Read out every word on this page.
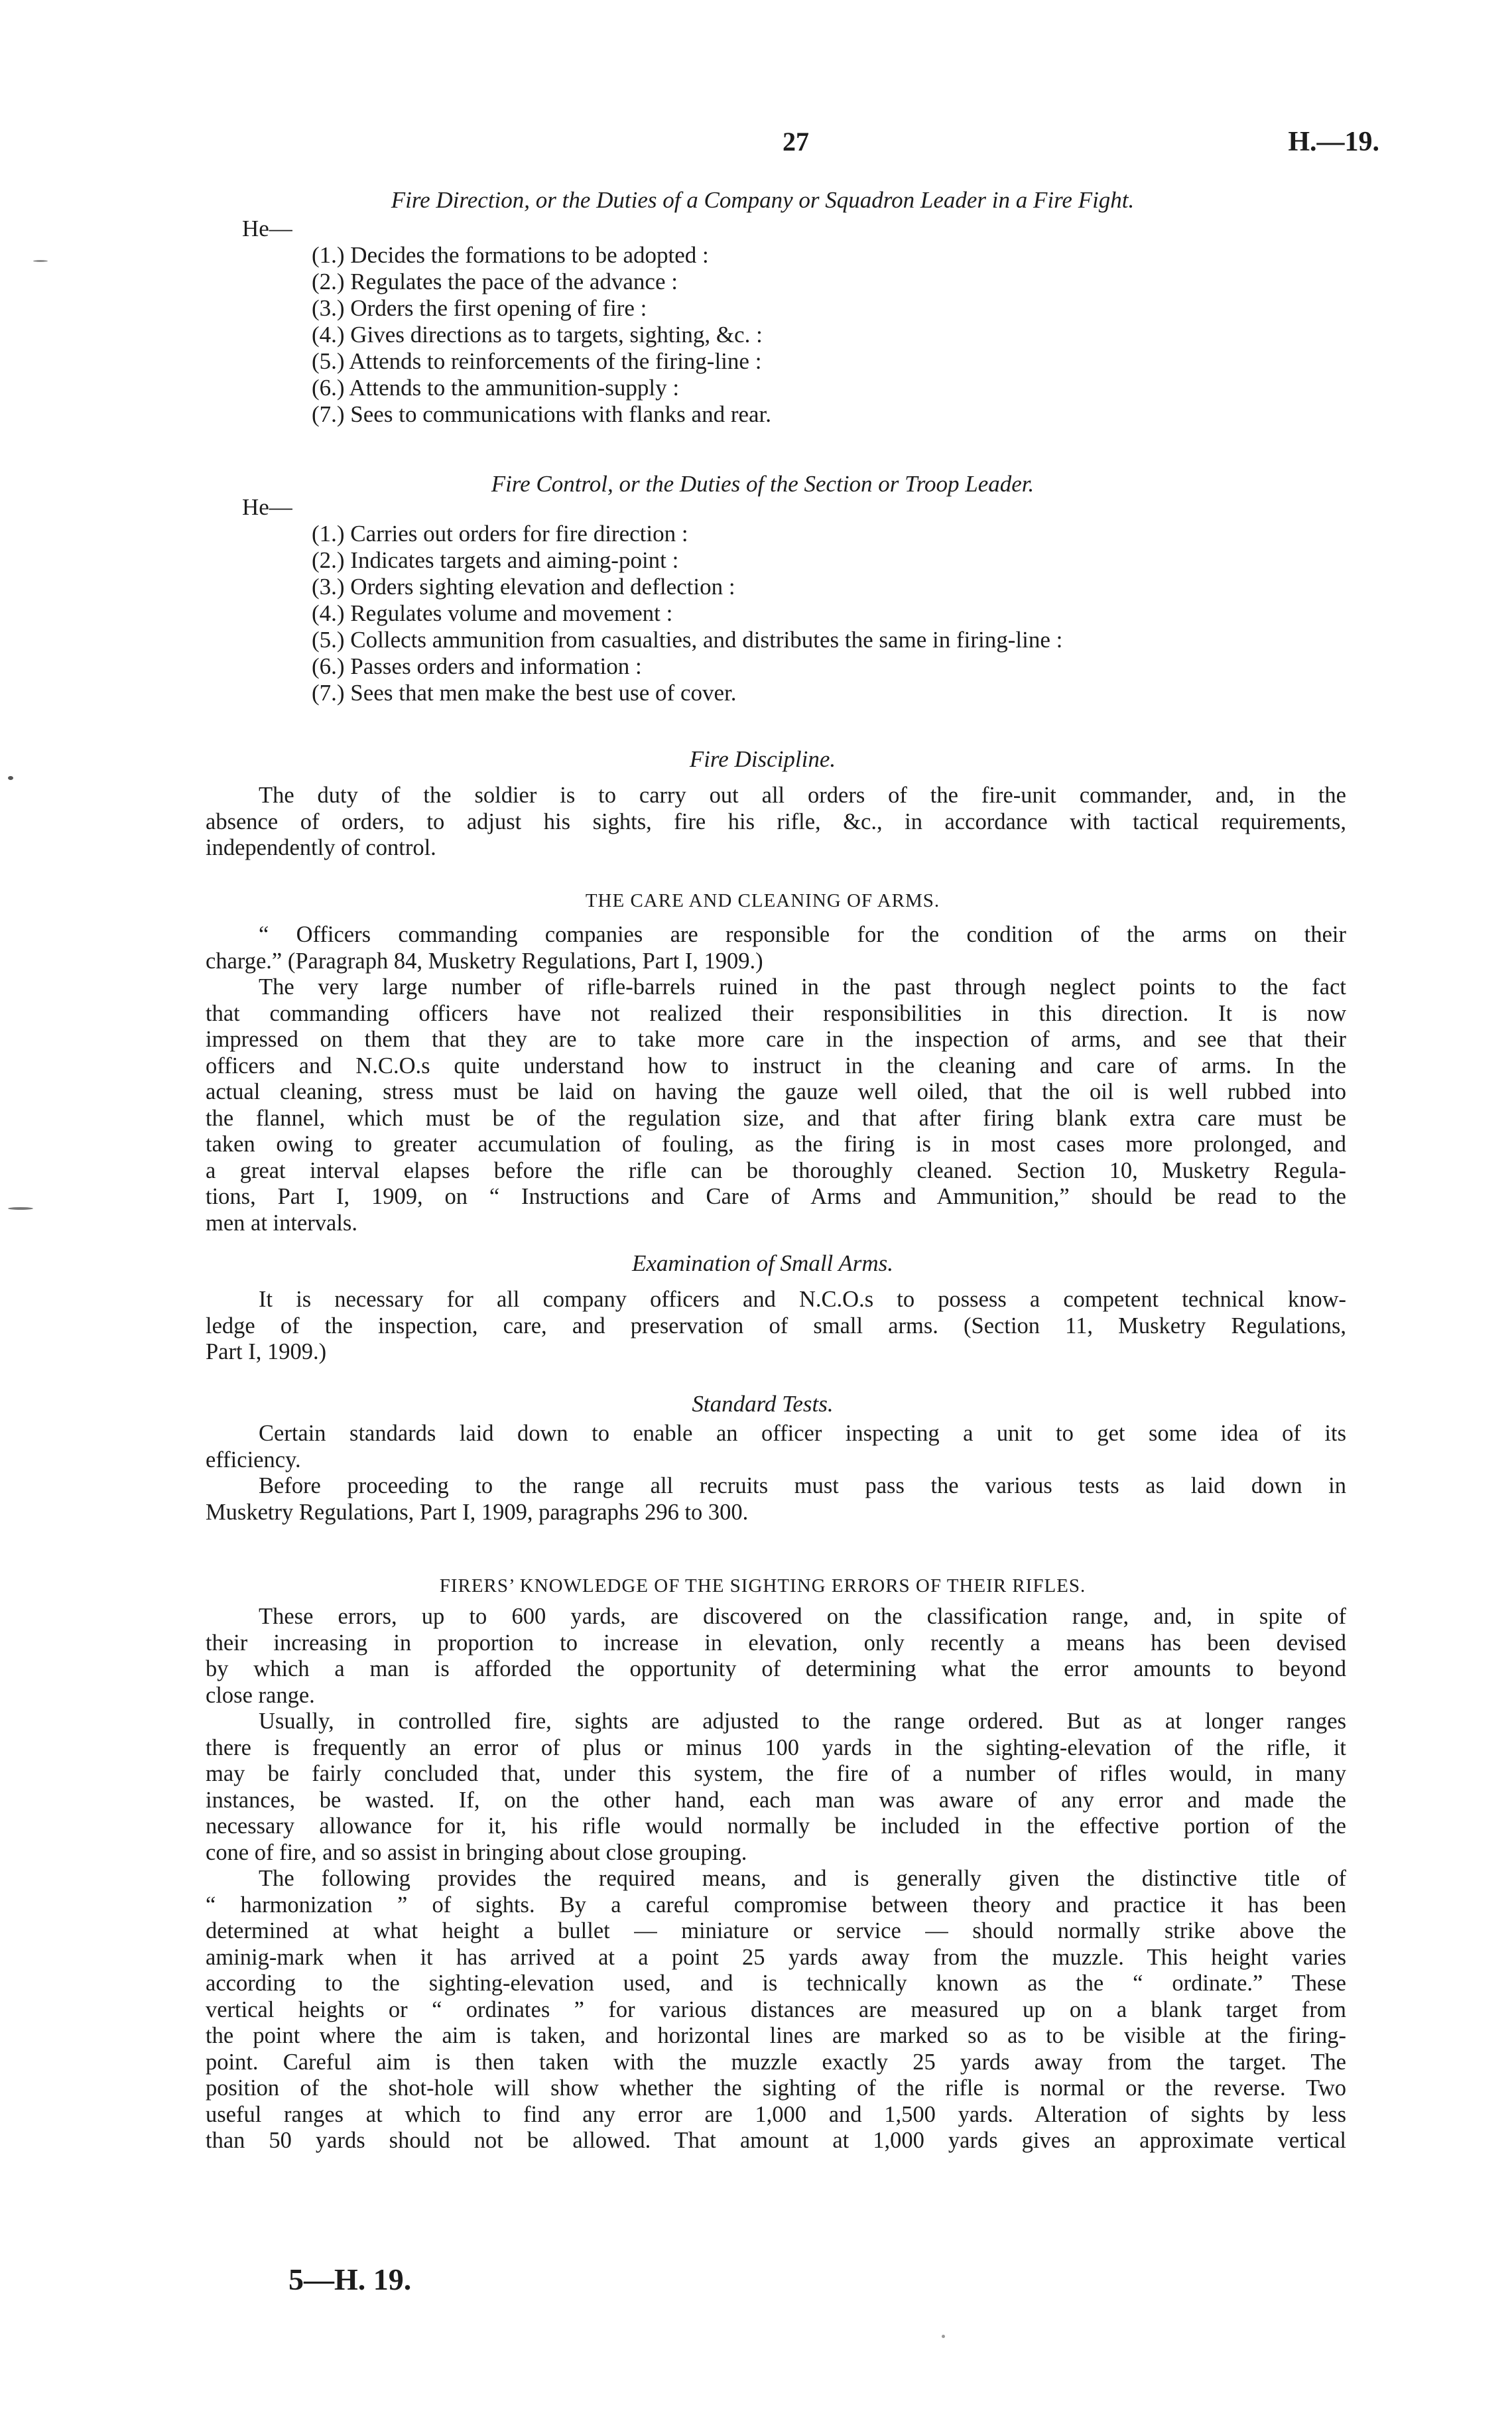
27	H.—19.
Fire Direction, or the Duties of a Company or Squadron Leader in a Fire Fight.
He—
(1.) Decides the formations to be adopted :
(2.) Regulates the pace of the advance :
(3.) Orders the first opening of fire :
(4.) Gives directions as to targets, sighting, &c. :
(5.) Attends to reinforcements of the firing-line :
(6.) Attends to the ammunition-supply :
(7.) Sees to communications with flanks and rear.
Fire Control, or the Duties of the Section or Troop Leader.
He—
(1.) Carries out orders for fire direction :
(2.) Indicates targets and aiming-point :
(3.) Orders sighting elevation and deflection :
(4.) Regulates volume and movement :
(5.) Collects ammunition from casualties, and distributes the same in firing-line :
(6.) Passes orders and information :
(7.) Sees that men make the best use of cover.
Fire Discipline.
The duty of the soldier is to carry out all orders of the fire-unit commander, and, in the
absence of orders, to adjust his sights, fire his rifle, &c., in accordance with tactical requirements,
independently of control.
THE CARE AND CLEANING OF ARMS.
“ Officers commanding companies are responsible for the condition of the arms on their
charge.” (Paragraph 84, Musketry Regulations, Part I, 1909.)
The very large number of rifle-barrels ruined in the past through neglect points to the fact
that commanding officers have not realized their responsibilities in this direction. It is now
impressed on them that they are to take more care in the inspection of arms, and see that their
officers and N.C.O.s quite understand how to instruct in the cleaning and care of arms. In the
actual cleaning, stress must be laid on having the gauze well oiled, that the oil is well rubbed into
the flannel, which must be of the regulation size, and that after firing blank extra care must be
taken owing to greater accumulation of fouling, as the firing is in most cases more prolonged, and
a great interval elapses before the rifle can be thoroughly cleaned. Section 10, Musketry Regula-
tions, Part I, 1909, on “ Instructions and Care of Arms and Ammunition,” should be read to the
men at intervals.
Examination of Small Arms.
It is necessary for all company officers and N.C.O.s to possess a competent technical know-
ledge of the inspection, care, and preservation of small arms. (Section 11, Musketry Regulations,
Part I, 1909.)
Standard Tests.
Certain standards laid down to enable an officer inspecting a unit to get some idea of its
efficiency.
Before proceeding to the range all recruits must pass the various tests as laid down in
Musketry Regulations, Part I, 1909, paragraphs 296 to 300.
FIRERS’ KNOWLEDGE OF THE SIGHTING ERRORS OF THEIR RIFLES.
These errors, up to 600 yards, are discovered on the classification range, and, in spite of
their increasing in proportion to increase in elevation, only recently a means has been devised
by which a man is afforded the opportunity of determining what the error amounts to beyond
close range.
Usually, in controlled fire, sights are adjusted to the range ordered. But as at longer ranges
there is frequently an error of plus or minus 100 yards in the sighting-elevation of the rifle, it
may be fairly concluded that, under this system, the fire of a number of rifles would, in many
instances, be wasted. If, on the other hand, each man was aware of any error and made the
necessary allowance for it, his rifle would normally be included in the effective portion of the
cone of fire, and so assist in bringing about close grouping.
The following provides the required means, and is generally given the distinctive title of
“ harmonization ” of sights. By a careful compromise between theory and practice it has been
determined at what height a bullet — miniature or service — should normally strike above the
aminig-mark when it has arrived at a point 25 yards away from the muzzle. This height varies
according to the sighting-elevation used, and is technically known as the “ ordinate.” These
vertical heights or “ ordinates ” for various distances are measured up on a blank target from
the point where the aim is taken, and horizontal lines are marked so as to be visible at the firing-
point. Careful aim is then taken with the muzzle exactly 25 yards away from the target. The
position of the shot-hole will show whether the sighting of the rifle is normal or the reverse. Two
useful ranges at which to find any error are 1,000 and 1,500 yards. Alteration of sights by less
than 50 yards should not be allowed. That amount at 1,000 yards gives an approximate vertical
5—H. 19.
